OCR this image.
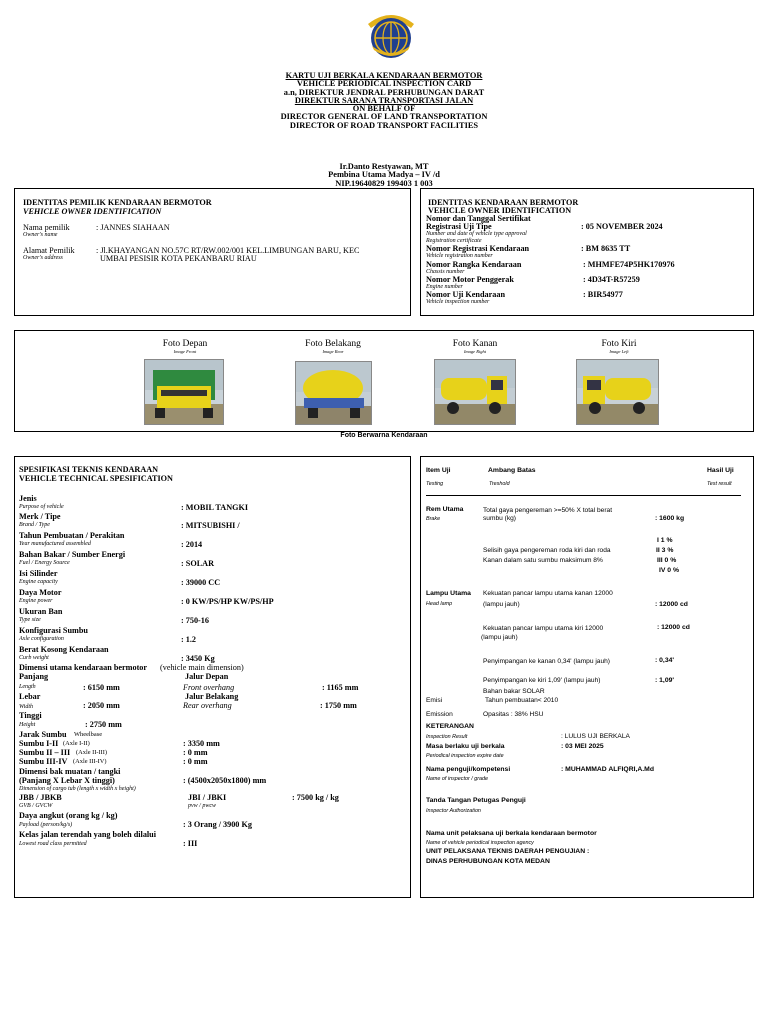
KARTU UJI BERKALA KENDARAAN BERMOTOR
VEHICLE PERIODICAL INSPECTION CARD
a.n, DIREKTUR JENDRAL PERHUBUNGAN DARAT
DIREKTUR SARANA TRANSPORTASI JALAN
ON BEHALF OF
DIRECTOR GENERAL OF LAND TRANSPORTATION
DIRECTOR OF ROAD TRANSPORT FACILITIES
Ir.Danto Restyawan, MT
Pembina Utama Madya – IV /d
NIP.19640829 199403 1 003
IDENTITAS PEMILIK KENDARAAN BERMOTOR
VEHICLE OWNER IDENTIFICATION
Nama pemilik
Owner's name
: JANNES SIAHAAN
Alamat Pemilik
Owner's address
: Jl.KHAYANGAN NO.57C RT/RW.002/001 KEL.LIMBUNGAN BARU, KEC
UMBAI PESISIR KOTA PEKANBARU RIAU
IDENTITAS KENDARAAN BERMOTOR
VEHICLE OWNER IDENTIFICATION
Nomor dan Tanggal Sertifikat
Registrasi Uji Tipe
Number and date of vehicle type approval
Registration certificate
: 05 NOVEMBER 2024
Nomor Registrasi Kendaraan
Vehicle registration number
: BM 8635 TT
Nomor Rangka Kendaraan
Chassis number
: MHMFE74P5HK170976
Nomor Motor Penggerak
Engine number
: 4D34T-R57259
Nomor Uji Kendaraan
Vehicle inspection number
: BIR54977
Foto Depan
Image Front
Foto Belakang
Image Rear
Foto Kanan
Image Right
Foto Kiri
Image Left
Foto Berwarna Kendaraan
SPESIFIKASI TEKNIS KENDARAAN
VEHICLE TECHNICAL SPESIFICATION
Jenis
Purpose of vehicle	: MOBIL TANGKI
Merk / Tipe
Brand / Type	: MITSUBISHI /
Tahun Pembuatan / Perakitan
Year manufactured assembled	: 2014
Bahan Bakar / Sumber Energi
Fuel / Energy Source	: SOLAR
Isi Silinder
Engine capacity	: 39000 CC
Daya Motor
Engine power	: 0 KW/PS/HP KW/PS/HP
Ukuran Ban
Type size	: 750-16
Konfigurasi Sumbu
Axle configuration	: 1.2
Berat Kosong Kendaraan
Curb weight	: 3450 Kg
Dimensi utama kendaraan bermotor (vehicle main dimension)
Panjang
Length	: 6150 mm
Jalur Depan
Front overhang	: 1165 mm
Lebar
Width	: 2050 mm
Jalur Belakang
Rear overhang	: 1750 mm
Tinggi
Height	: 2750 mm
Jarak Sumbu Wheelbase
Sumbu I-II (Axle I-II)	: 3350 mm
Sumbu II – III (Axle II-III)	: 0 mm
Sumbu III-IV (Axle III-IV)	: 0 mm
Dimensi bak muatan / tangki
(Panjang X Lebar X tinggi)
Dimension of cargo tub (length x width x height)
: (4500x2050x1800) mm
JBB / JBKB
GVB / GVCW
JBI / JBKI
pvw / pwcw
: 7500 kg / kg
Daya angkut (orang kg / kg)
Payload (person/kg/s)	: 3 Orang / 3900 Kg
Kelas jalan terendah yang boleh dilalui
Lowest road class permitted	: III
Item Uji
Testing
Ambang Batas
Treshold
Hasil Uji
Test result
Rem Utama
Brake
Total gaya pengereman >=50% X total berat
sumbu (kg)	: 1600 kg
Selisih gaya pengereman roda kiri dan roda
Kanan dalam satu sumbu maksimum 8%
I 1 %
II 3 %
III 0 %
IV 0 %
Lampu Utama
Head lamp
Kekuatan pancar lampu utama kanan 12000
(lampu jauh)	: 12000 cd
Kekuatan pancar lampu utama kiri 12000
(lampu jauh)
: 12000 cd
Penyimpangan ke kanan 0,34' (lampu jauh)	: 0,34'
Penyimpangan ke kiri 1,09' (lampu jauh)	: 1,09'
Bahan bakar SOLAR
Emisi	Tahun pembuatan< 2010
Emission	Opasitas : 38% HSU
KETERANGAN
Inspection Result	: LULUS UJI BERKALA
Masa berlaku uji berkala
Periodical inspection expire date
: 03 MEI 2025
Nama penguji/kompetensi
Name of inspector / grade
: MUHAMMAD ALFIQRI,A.Md
Tanda Tangan Petugas Penguji
Inspector Authorization
Nama unit pelaksana uji berkala kendaraan bermotor
Name of vehicle periodical inspection agency
UNIT PELAKSANA TEKNIS DAERAH PENGUJIAN :
DINAS PERHUBUNGAN KOTA MEDAN
